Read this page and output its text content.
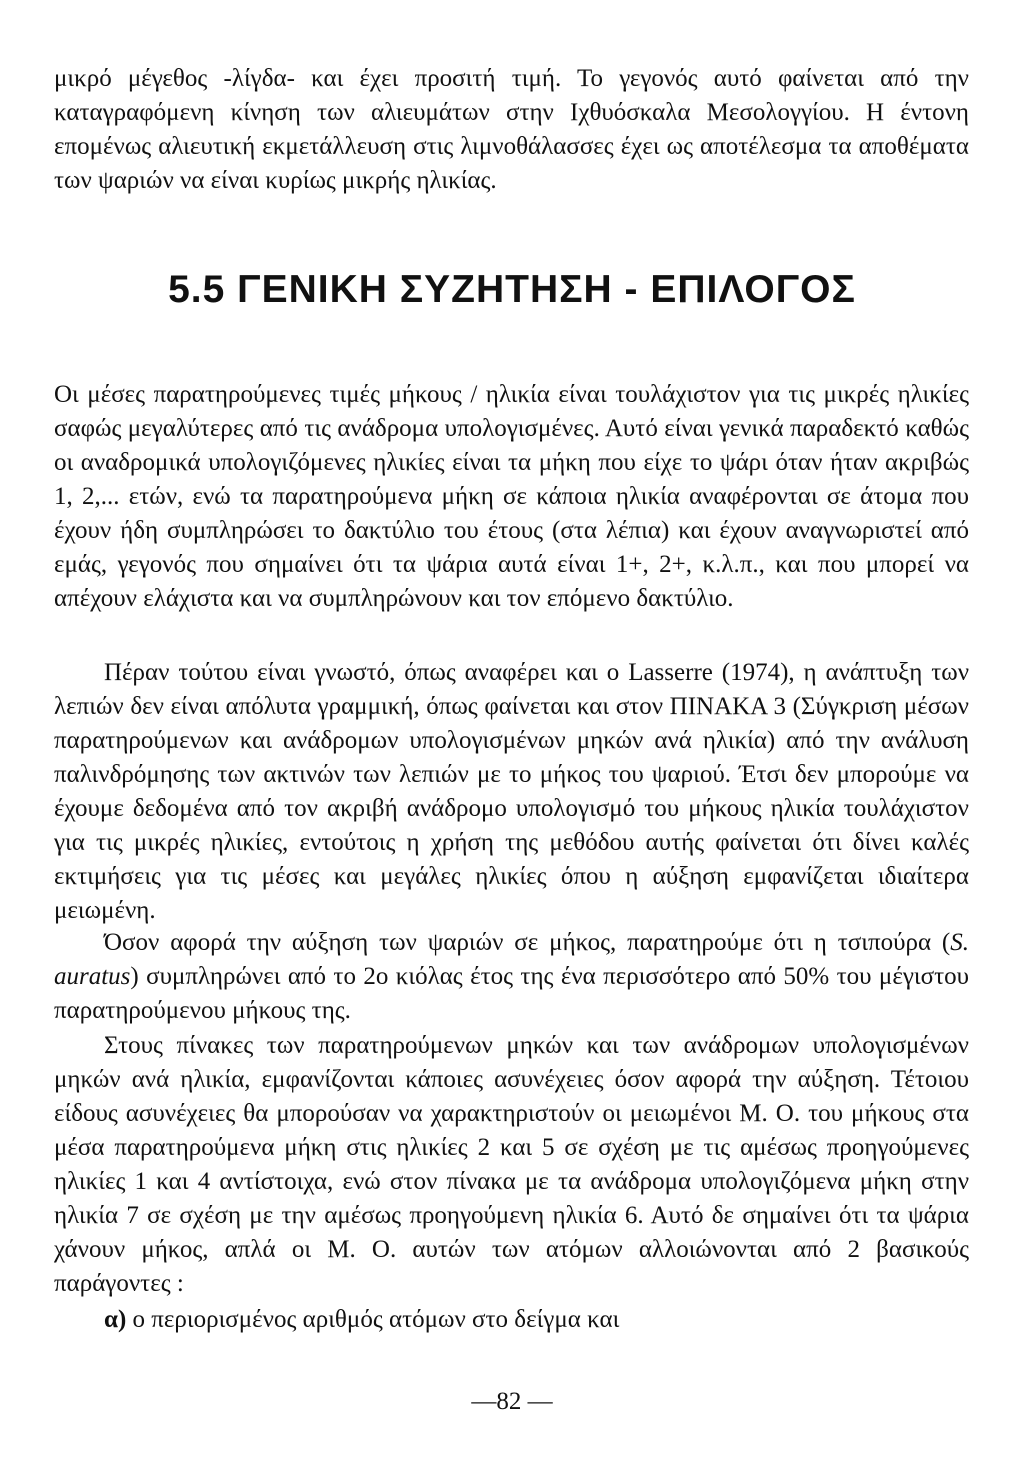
μικρό μέγεθος -λίγδα- και έχει προσιτή τιμή. Το γεγονός αυτό φαίνεται από την καταγραφόμενη κίνηση των αλιευμάτων στην Ιχθυόσκαλα Μεσολογγίου. Η έντονη επομένως αλιευτική εκμετάλλευση στις λιμνοθάλασσες έχει ως αποτέλεσμα τα αποθέματα των ψαριών να είναι κυρίως μικρής ηλικίας.

5.5 ΓΕΝΙΚΗ ΣΥΖΗΤΗΣΗ - ΕΠΙΛΟΓΟΣ

Οι μέσες παρατηρούμενες τιμές μήκους / ηλικία είναι τουλάχιστον για τις μικρές ηλικίες σαφώς μεγαλύτερες από τις ανάδρομα υπολογισμένες. Αυτό είναι γενικά παραδεκτό καθώς οι αναδρομικά υπολογιζόμενες ηλικίες είναι τα μήκη που είχε το ψάρι όταν ήταν ακριβώς 1, 2,... ετών, ενώ τα παρατηρούμενα μήκη σε κάποια ηλικία αναφέρονται σε άτομα που έχουν ήδη συμπληρώσει το δακτύλιο του έτους (στα λέπια) και έχουν αναγνωριστεί από εμάς, γεγονός που σημαίνει ότι τα ψάρια αυτά είναι 1+, 2+, κ.λ.π., και που μπορεί να απέχουν ελάχιστα και να συμπληρώνουν και τον επόμενο δακτύλιο.

Πέραν τούτου είναι γνωστό, όπως αναφέρει και ο Lasserre (1974), η ανάπτυξη των λεπιών δεν είναι απόλυτα γραμμική, όπως φαίνεται και στον ΠΙΝΑΚΑ 3 (Σύγκριση μέσων παρατηρούμενων και ανάδρομων υπολογισμένων μηκών ανά ηλικία) από την ανάλυση παλινδρόμησης των ακτινών των λεπιών με το μήκος του ψαριού. Έτσι δεν μπορούμε να έχουμε δεδομένα από τον ακριβή ανάδρομο υπολογισμό του μήκους ηλικία τουλάχιστον για τις μικρές ηλικίες, εντούτοις η χρήση της μεθόδου αυτής φαίνεται ότι δίνει καλές εκτιμήσεις για τις μέσες και μεγάλες ηλικίες όπου η αύξηση εμφανίζεται ιδιαίτερα μειωμένη.

Όσον αφορά την αύξηση των ψαριών σε μήκος, παρατηρούμε ότι η τσιπούρα (S. auratus) συμπληρώνει από το 2ο κιόλας έτος της ένα περισσότερο από 50% του μέγιστου παρατηρούμενου μήκους της.

Στους πίνακες των παρατηρούμενων μηκών και των ανάδρομων υπολογισμένων μηκών ανά ηλικία, εμφανίζονται κάποιες ασυνέχειες όσον αφορά την αύξηση. Τέτοιου είδους ασυνέχειες θα μπορούσαν να χαρακτηριστούν οι μειωμένοι Μ. Ο. του μήκους στα μέσα παρατηρούμενα μήκη στις ηλικίες 2 και 5 σε σχέση με τις αμέσως προηγούμενες ηλικίες 1 και 4 αντίστοιχα, ενώ στον πίνακα με τα ανάδρομα υπολογιζόμενα μήκη στην ηλικία 7 σε σχέση με την αμέσως προηγούμενη ηλικία 6. Αυτό δε σημαίνει ότι τα ψάρια χάνουν μήκος, απλά οι Μ. Ο. αυτών των ατόμων αλλοιώνονται από 2 βασικούς παράγοντες :

α) ο περιορισμένος αριθμός ατόμων στο δείγμα και

—82 —
